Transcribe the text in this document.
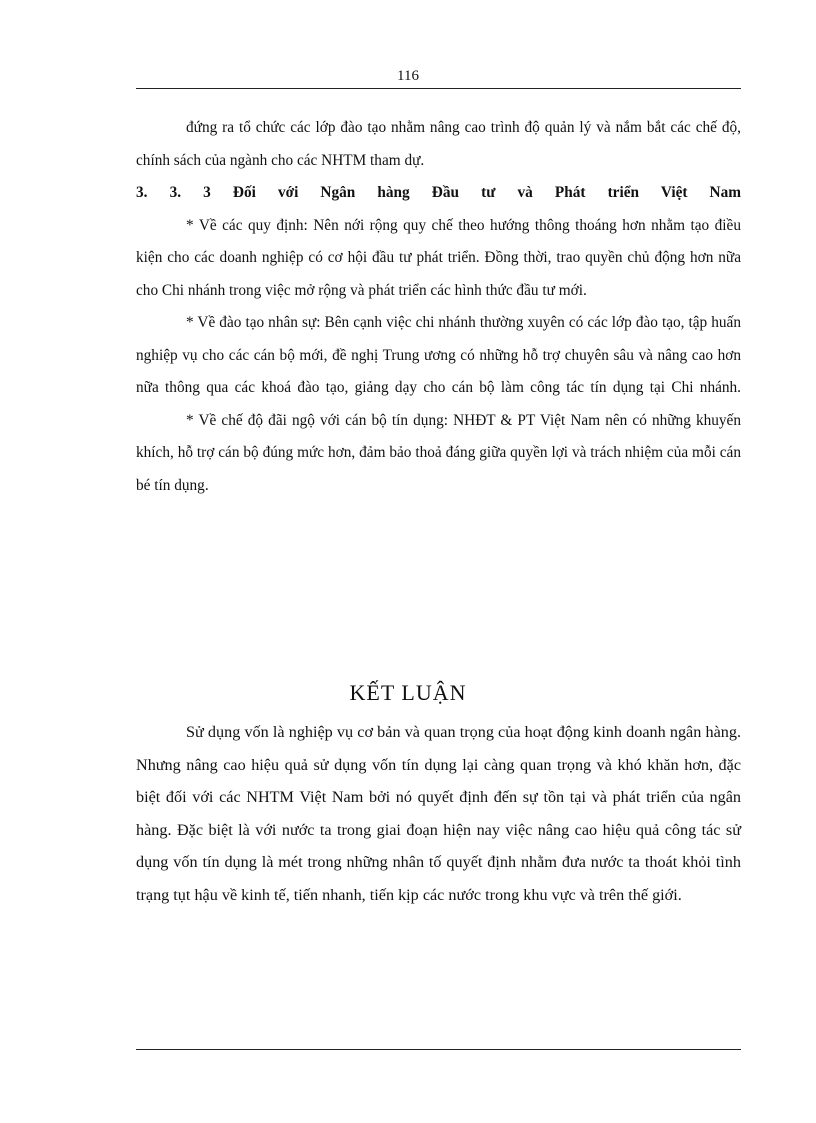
116

đứng ra tổ chức các lớp đào tạo nhằm nâng cao trình độ quản lý và nắm bắt các chế độ, chính sách của ngành cho các NHTM tham dự.

3. 3. 3 Đối với Ngân hàng Đầu tư và Phát triển Việt Nam

* Về các quy định: Nên nới rộng quy chế theo hướng thông thoáng hơn nhằm tạo điều kiện cho các doanh nghiệp có cơ hội đầu tư phát triển. Đồng thời, trao quyền chủ động hơn nữa cho Chi nhánh trong việc mở rộng và phát triển các hình thức đầu tư mới.

* Về đào tạo nhân sự: Bên cạnh việc chi nhánh thường xuyên có các lớp đào tạo, tập huấn nghiệp vụ cho các cán bộ mới, đề nghị Trung ương có những hỗ trợ chuyên sâu và nâng cao hơn nữa thông qua các khoá đào tạo, giảng dạy cho cán bộ làm công tác tín dụng tại Chi nhánh.

* Về chế độ đãi ngộ với cán bộ tín dụng: NHĐT & PT Việt Nam nên có những khuyến khích, hỗ trợ cán bộ đúng mức hơn, đảm bảo thoả đáng giữa quyền lợi và trách nhiệm của mỗi cán bé tín dụng.

KẾT LUẬN

Sử dụng vốn là nghiệp vụ cơ bản và quan trọng của hoạt động kinh doanh ngân hàng. Nhưng nâng cao hiệu quả sử dụng vốn tín dụng lại càng quan trọng và khó khăn hơn, đặc biệt đối với các NHTM Việt Nam bởi nó quyết định đến sự tồn tại và phát triển của ngân hàng. Đặc biệt là với nước ta trong giai đoạn hiện nay việc nâng cao hiệu quả công tác sử dụng vốn tín dụng là mét trong những nhân tố quyết định nhằm đưa nước ta thoát khỏi tình trạng tụt hậu về kinh tế, tiến nhanh, tiến kịp các nước trong khu vực và trên thế giới.
